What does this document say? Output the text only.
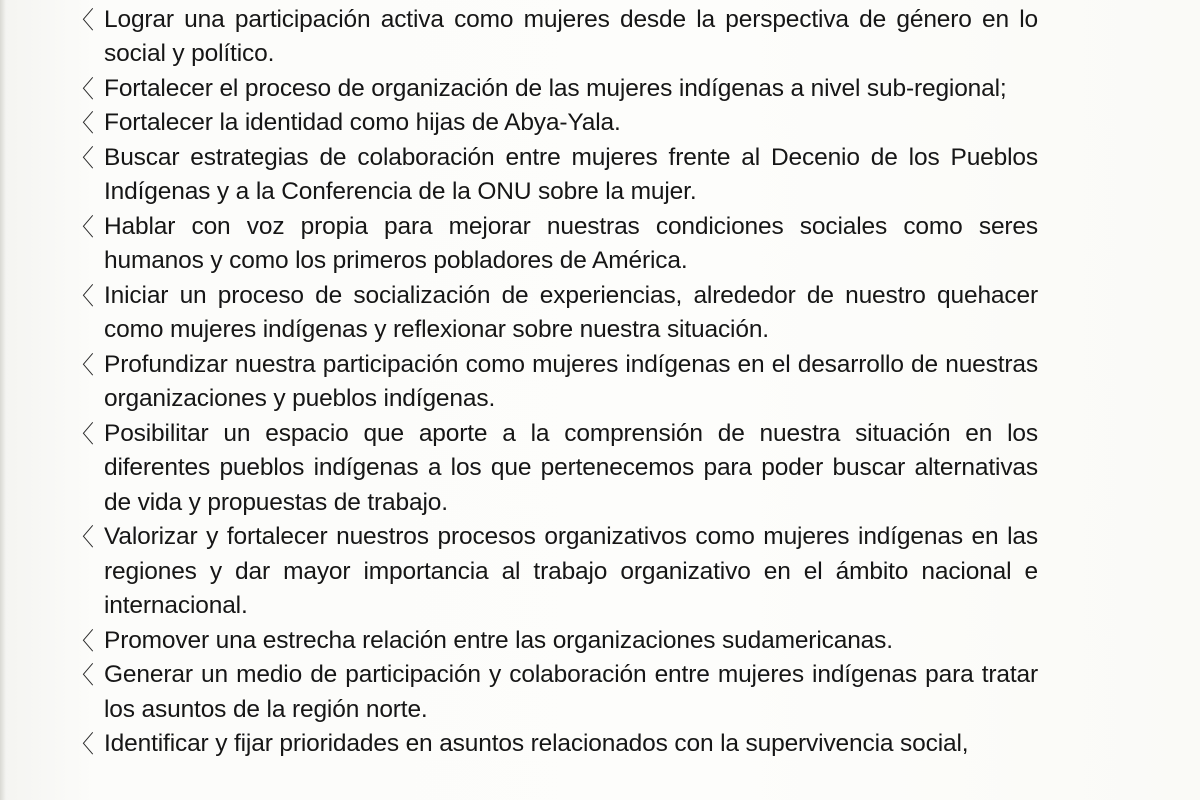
〈 Lograr una participación activa como mujeres desde la perspectiva de género en lo social y político.
〈 Fortalecer el proceso de organización de las mujeres indígenas a nivel sub-regional;
〈 Fortalecer la identidad como hijas de Abya-Yala.
〈 Buscar estrategias de colaboración entre mujeres frente al Decenio de los Pueblos Indígenas y a la Conferencia de la ONU sobre la mujer.
〈 Hablar con voz propia para mejorar nuestras condiciones sociales como seres humanos y como los primeros pobladores de América.
〈 Iniciar un proceso de socialización de experiencias, alrededor de nuestro quehacer como mujeres indígenas y reflexionar sobre nuestra situación.
〈 Profundizar nuestra participación como mujeres indígenas en el desarrollo de nuestras organizaciones y pueblos indígenas.
〈 Posibilitar un espacio que aporte a la comprensión de nuestra situación en los diferentes pueblos indígenas a los que pertenecemos para poder buscar alternativas de vida y propuestas de trabajo.
〈 Valorizar y fortalecer nuestros procesos organizativos como mujeres indígenas en las regiones y dar mayor importancia al trabajo organizativo en el ámbito nacional e internacional.
〈 Promover una estrecha relación entre las organizaciones sudamericanas.
〈 Generar un medio de participación y colaboración entre mujeres indígenas para tratar los asuntos de la región norte.
〈 Identificar y fijar prioridades en asuntos relacionados con la supervivencia social,
